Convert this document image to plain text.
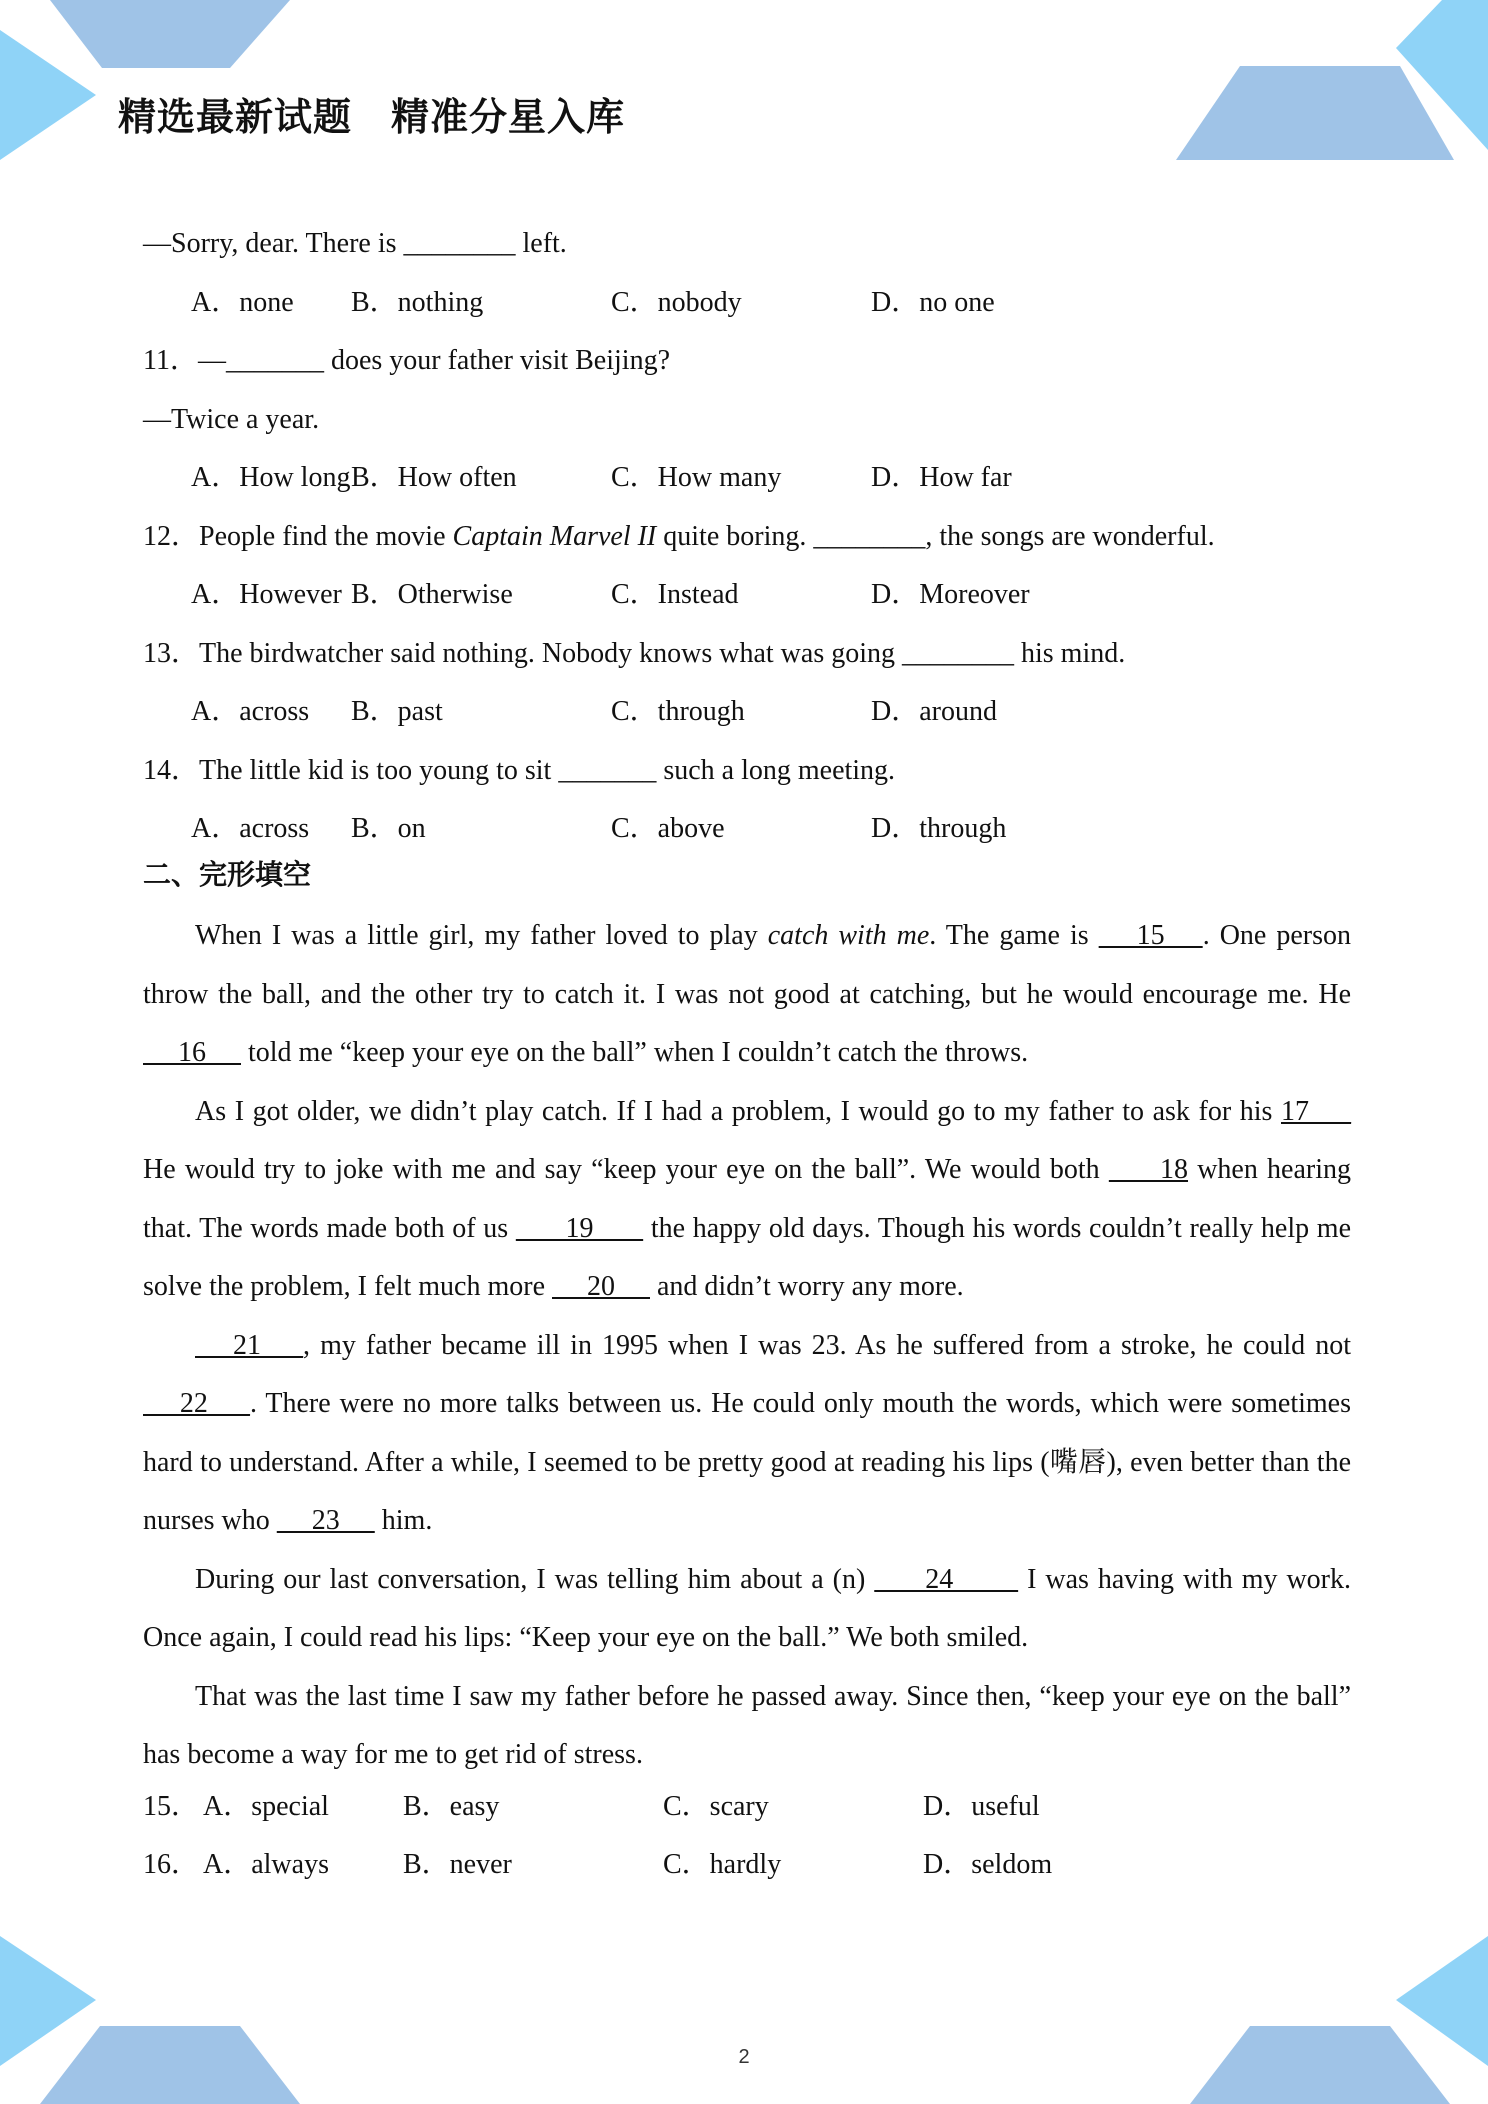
精选最新试题　精准分星入库
—Sorry, dear. There is ________ left.
A．none	B．nothing	C．nobody	D．no one
11．—_______ does your father visit Beijing?
—Twice a year.
A．How long B．How often	C．How many	D．How far
12．People find the movie Captain Marvel II quite boring. ________, the songs are wonderful.
A．However B．Otherwise	C．Instead	D．Moreover
13．The birdwatcher said nothing. Nobody knows what was going ________ his mind.
A．across	B．past	C．through	D．around
14．The little kid is too young to sit _______ such a long meeting.
A．across	B．on	C．above	D．through
二、完形填空

When I was a little girl, my father loved to play catch with me. The game is  __15__ . One person throw the ball, and the other try to catch it. I was not good at catching, but he would encourage me. He  __16__  told me “keep your eye on the ball” when I couldn’t catch the throws.

As I got older, we didn’t play catch. If I had a problem, I would go to my father to ask for his 17___ He would try to joke with me and say “keep your eye on the ball”. We would both  ___18 when hearing that. The words made both of us  ___19___  the happy old days. Though his words couldn’t really help me solve the problem, I felt much more  __20__  and didn’t worry any more.

__21___, my father became ill in 1995 when I was 23. As he suffered from a stroke, he could not  __22___. There were no more talks between us. He could only mouth the words, which were sometimes hard to understand. After a while, I seemed to be pretty good at reading his lips (嘴唇), even better than the nurses who  __23__  him.

During our last conversation, I was telling him about a (n)  ___24____  I was having with my work. Once again, I could read his lips: “Keep your eye on the ball.” We both smiled.

That was the last time I saw my father before he passed away. Since then, “keep your eye on the ball” has become a way for me to get rid of stress.

15． A．special	B．easy	C．scary	D．useful
16． A．always	B．never	C．hardly	D．seldom
2
